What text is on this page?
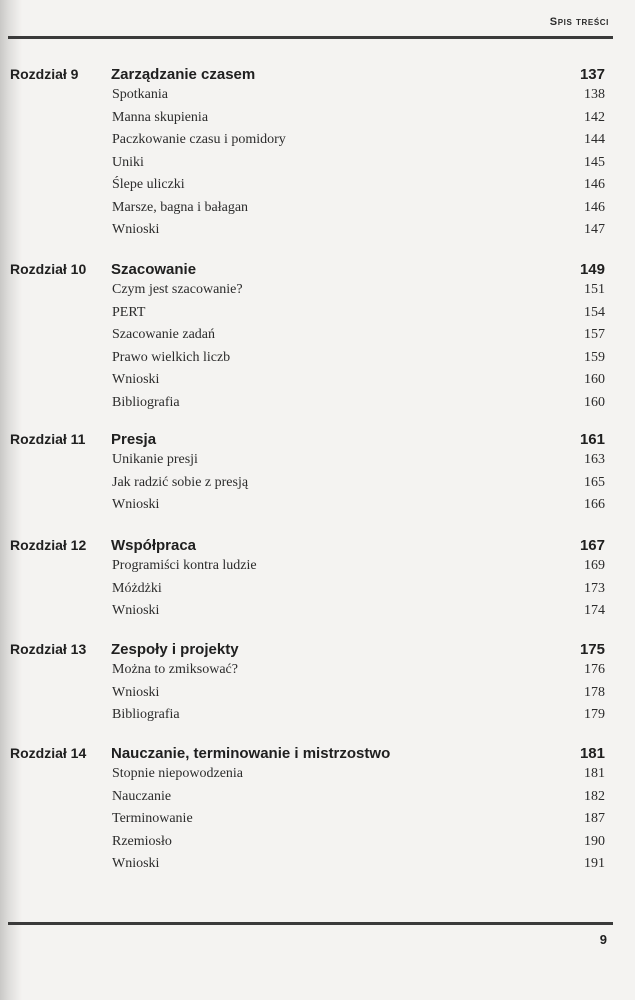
Spis treści
Rozdział 9 Zarządzanie czasem	137
Spotkania	138
Manna skupienia	142
Paczkowanie czasu i pomidory	144
Uniki	145
Ślepe uliczki	146
Marsze, bagna i bałagan	146
Wnioski	147
Rozdział 10 Szacowanie	149
Czym jest szacowanie?	151
PERT	154
Szacowanie zadań	157
Prawo wielkich liczb	159
Wnioski	160
Bibliografia	160
Rozdział 11 Presja	161
Unikanie presji	163
Jak radzić sobie z presją	165
Wnioski	166
Rozdział 12 Współpraca	167
Programiści kontra ludzie	169
Móżdżki	173
Wnioski	174
Rozdział 13 Zespoły i projekty	175
Można to zmiksować?	176
Wnioski	178
Bibliografia	179
Rozdział 14 Nauczanie, terminowanie i mistrzostwo	181
Stopnie niepowodzenia	181
Nauczanie	182
Terminowanie	187
Rzemiosło	190
Wnioski	191
9
